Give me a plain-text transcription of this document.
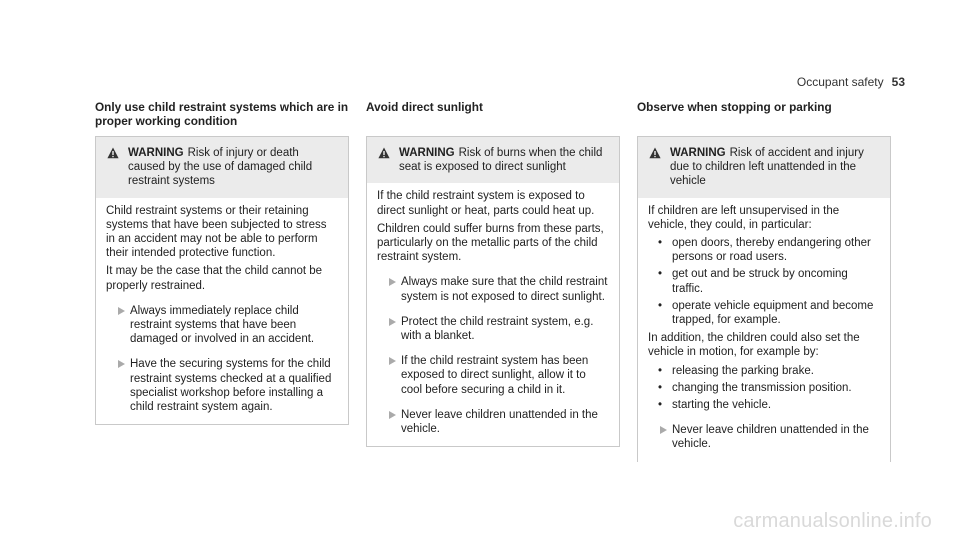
Occupant safety 53
Only use child restraint systems which are in proper working condition
WARNING Risk of injury or death caused by the use of damaged child restraint systems

Child restraint systems or their retaining systems that have been subjected to stress in an accident may not be able to perform their intended protective function.

It may be the case that the child cannot be properly restrained.

Always immediately replace child restraint systems that have been damaged or involved in an accident.
Have the securing systems for the child restraint systems checked at a qualified specialist workshop before installing a child restraint system again.
Avoid direct sunlight
WARNING Risk of burns when the child seat is exposed to direct sunlight

If the child restraint system is exposed to direct sunlight or heat, parts could heat up.

Children could suffer burns from these parts, particularly on the metallic parts of the child restraint system.

Always make sure that the child restraint system is not exposed to direct sunlight.
Protect the child restraint system, e.g. with a blanket.
If the child restraint system has been exposed to direct sunlight, allow it to cool before securing a child in it.
Never leave children unattended in the vehicle.
Observe when stopping or parking
WARNING Risk of accident and injury due to children left unattended in the vehicle

If children are left unsupervised in the vehicle, they could, in particular:

• open doors, thereby endangering other persons or road users.
• get out and be struck by oncoming traffic.
• operate vehicle equipment and become trapped, for example.

In addition, the children could also set the vehicle in motion, for example by:

• releasing the parking brake.
• changing the transmission position.
• starting the vehicle.
Never leave children unattended in the vehicle.
carmanualsonline.info
